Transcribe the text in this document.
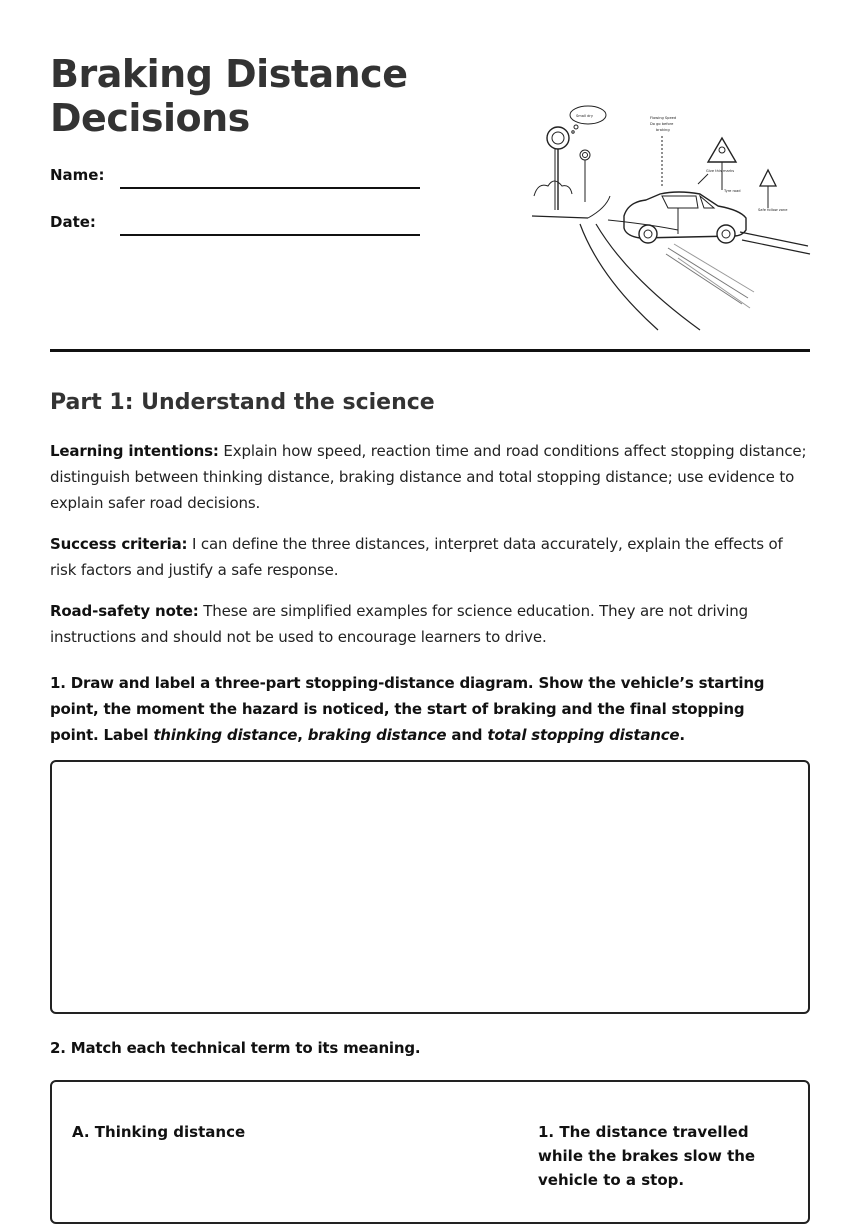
Braking Distance
Decisions
Name:
Date:
Small dry	Flowing Speed
Do go before
braking
Give this marks
Tyre road
Safe follow zone
Part 1: Understand the science

Learning intentions: Explain how speed, reaction time and road conditions affect stopping distance; distinguish between thinking distance, braking distance and total stopping distance; use evidence to explain safer road decisions.

Success criteria: I can define the three distances, interpret data accurately, explain the effects of risk factors and justify a safe response.

Road-safety note: These are simplified examples for science education. They are not driving instructions and should not be used to encourage learners to drive.

1. Draw and label a three-part stopping-distance diagram. Show the vehicle’s starting point, the moment the hazard is noticed, the start of braking and the final stopping point. Label thinking distance, braking distance and total stopping distance.

2. Match each technical term to its meaning.

A. Thinking distance	1. The distance travelled while the brakes slow the vehicle to a stop.
